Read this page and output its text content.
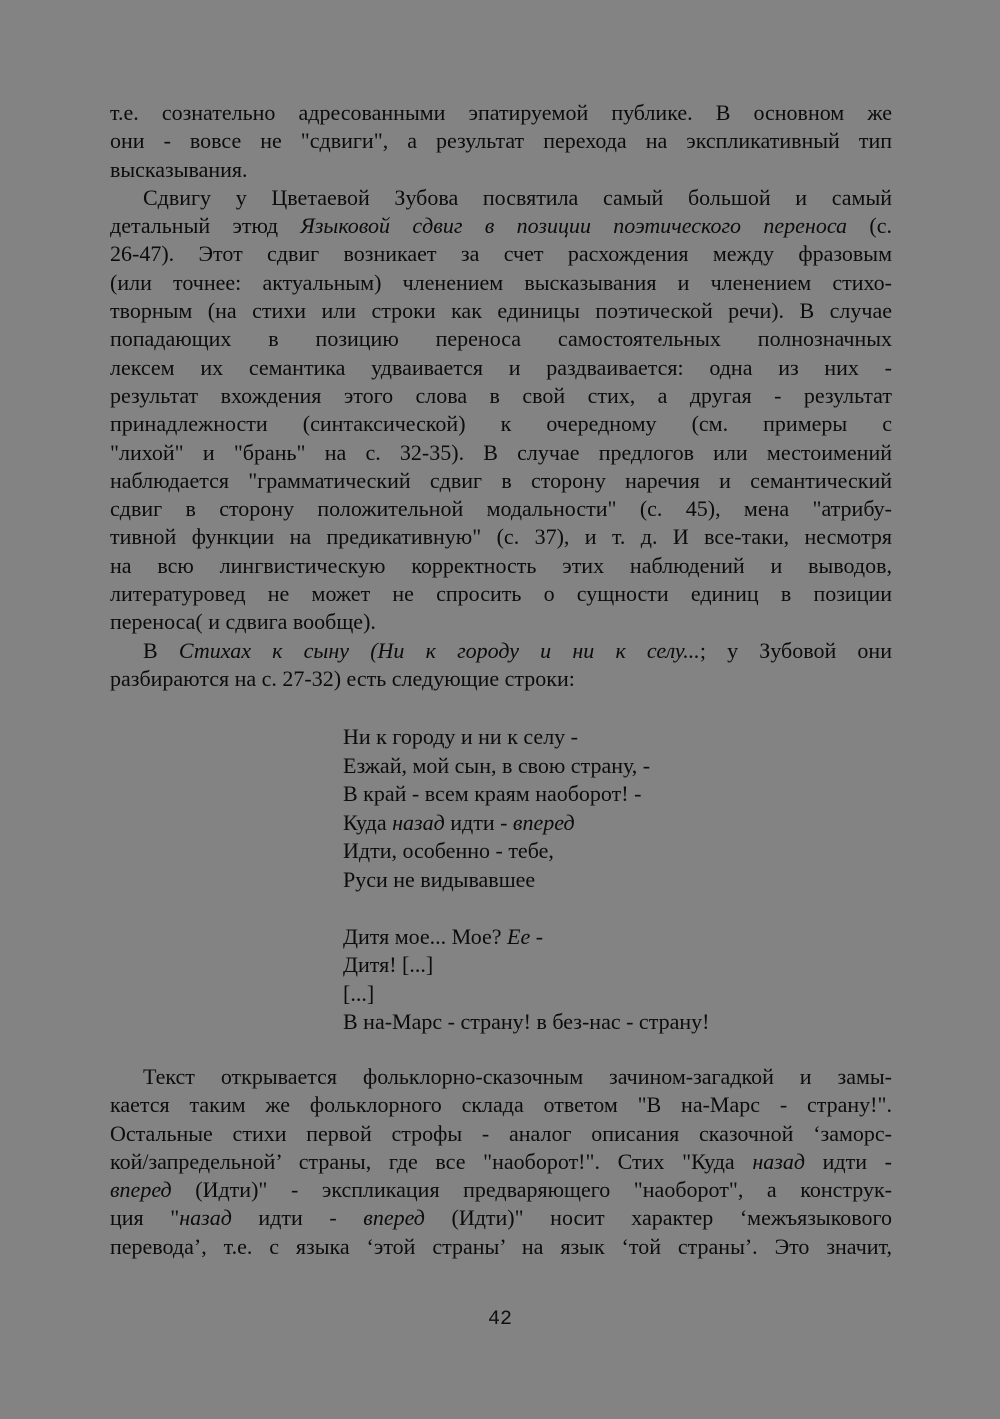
т.е. сознательно адресованными эпатируемой публике. В основном же
они - вовсе не "сдвиги", а результат перехода на экспликативный тип
высказывания.
Сдвигу у Цветаевой Зубова посвятила самый большой и самый
детальный этюд Языковой сдвиг в позиции поэтического переноса (с.
26-47). Этот сдвиг возникает за счет расхождения между фразовым
(или точнее: актуальным) членением высказывания и членением стихо-
творным (на стихи или строки как единицы поэтической речи). В случае
попадающих в позицию переноса самостоятельных полнозначных
лексем их семантика удваивается и раздваивается: одна из них -
результат вхождения этого слова в свой стих, а другая - результат
принадлежности (синтаксической) к очередному (см. примеры с
"лихой" и "брань" на с. 32-35). В случае предлогов или местоимений
наблюдается "грамматический сдвиг в сторону наречия и семантический
сдвиг в сторону положительной модальности" (с. 45), мена "атрибу-
тивной функции на предикативную" (с. 37), и т. д. И все-таки, несмотря
на всю лингвистическую корректность этих наблюдений и выводов,
литературовед не может не спросить о сущности единиц в позиции
переноса( и сдвига вообще).
В Стихах к сыну (Ни к городу и ни к селу...; у Зубовой они
разбираются на с. 27-32) есть следующие строки:
Ни к городу и ни к селу -
Езжай, мой сын, в свою страну, -
В край - всем краям наоборот! -
Куда назад идти - вперед
Идти, особенно - тебе,
Руси не видывавшее
Дитя мое... Мое? Ее -
Дитя! [...]
[...]
В на-Марс - страну! в без-нас - страну!
Текст открывается фольклорно-сказочным зачином-загадкой и замы-
кается таким же фольклорного склада ответом "В на-Марс - страну!".
Остальные стихи первой строфы - аналог описания сказочной ‘заморс-
кой/запредельной’ страны, где все "наоборот!". Стих "Куда назад идти -
вперед (Идти)" - экспликация предваряющего "наоборот", а конструк-
ция "назад идти - вперед (Идти)" носит характер ‘межъязыкового
перевода’, т.е. с языка ‘этой страны’ на язык ‘той страны’. Это значит,
42
